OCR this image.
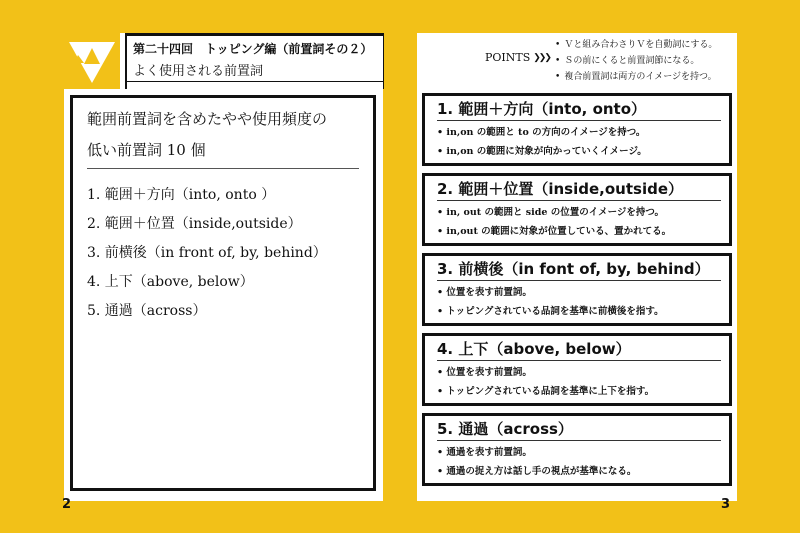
第二十四回　トッピング編（前置詞その２）
よく使用される前置詞
範囲前置詞を含めたやや使用頻度の
低い前置詞 10 個
1. 範囲＋方向（into, onto ）
2. 範囲＋位置（inside,outside）
3. 前横後（in front of, by, behind）
4. 上下（above, below）
5. 通過（across）
POINTS ❯❯❯
• Ｖと組み合わさりＶを自動詞にする。
• Ｓの前にくると前置詞節になる。
• 複合前置詞は両方のイメージを持つ。
1. 範囲＋方向（into, onto）
• in,on の範囲と to の方向のイメージを持つ。
• in,on の範囲に対象が向かっていくイメージ。
2. 範囲＋位置（inside,outside）
• in, out の範囲と side の位置のイメージを持つ。
• in,out の範囲に対象が位置している、置かれてる。
3. 前横後（in font of, by, behind）
• 位置を表す前置詞。
• トッピングされている品詞を基準に前横後を指す。
4. 上下（above, below）
• 位置を表す前置詞。
• トッピングされている品詞を基準に上下を指す。
5. 通過（across）
• 通過を表す前置詞。
• 通過の捉え方は話し手の視点が基準になる。
2	3
